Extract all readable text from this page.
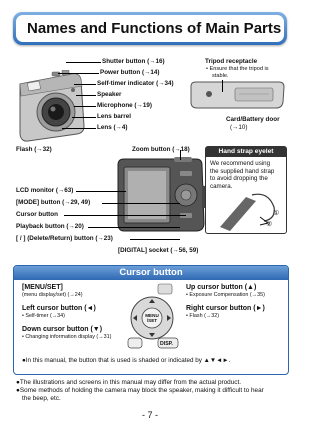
Names and Functions of Main Parts
Shutter button (→16)
Power button (→14)
Self-timer indicator (→34)
Speaker
Microphone (→19)
Lens barrel
Lens (→4)
Tripod receptacle
• Ensure that the tripod is
stable.
Card/Battery door
(→10)
Flash (→32)	Zoom button (→18)	Hand strap eyelet
We recommend using
the supplied hand strap
to avoid dropping the
camera.
①
②
LCD monitor (→63)
[MODE] button (→29, 49)
Cursor button
Playback button (→20)
[ / ] (Delete/Return) button (→23)
[DIGITAL] socket (→56, 59)
Cursor button
[MENU/SET]
(menu display/set) (→24)
Left cursor button (◄)
• Self-timer (→34)
Down cursor button (▼)
• Changing information display (→31)
Up cursor button (▲)
• Exposure Compensation (→35)
Right cursor button (►)
• Flash (→32)
MENU
/SET
DISP.
●In this manual, the button that is used is shaded or indicated by ▲▼◄►.
●The illustrations and screens in this manual may differ from the actual product.
●Some methods of holding the camera may block the speaker, making it difficult to hear
the beep, etc.
- 7 -
